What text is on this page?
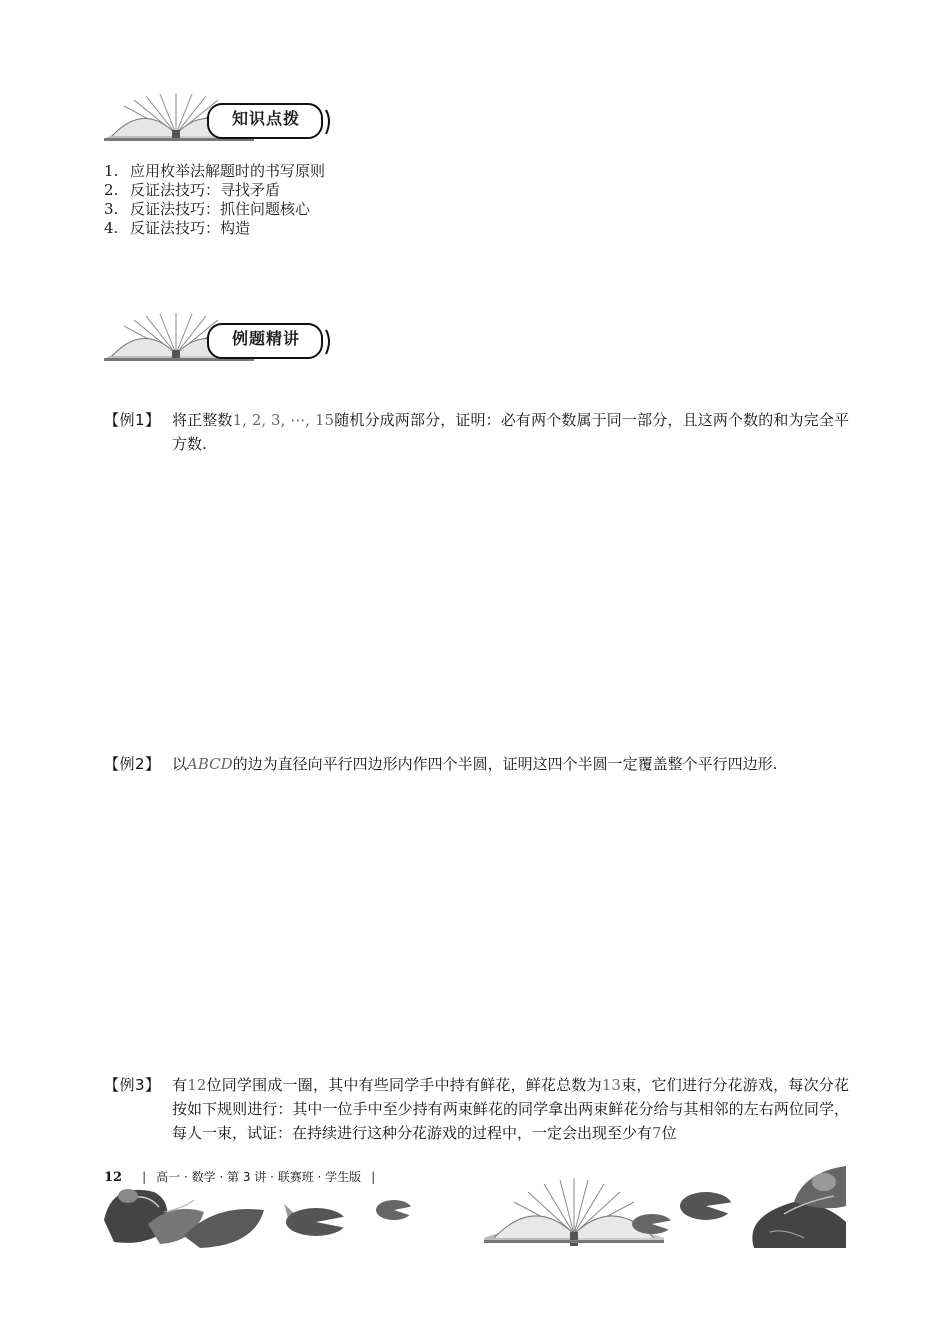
知识点拨
1. 应用枚举法解题时的书写原则
2. 反证法技巧：寻找矛盾
3. 反证法技巧：抓住问题核心
4. 反证法技巧：构造
例题精讲
【例1】 将正整数1, 2, 3, ⋯, 15随机分成两部分，证明：必有两个数属于同一部分，且这两个数的和为完全平方数.
【例2】 以ABCD的边为直径向平行四边形内作四个半圆，证明这四个半圆一定覆盖整个平行四边形.
【例3】 有12位同学围成一圈，其中有些同学手中持有鲜花，鲜花总数为13束，它们进行分花游戏，每次分花按如下规则进行：其中一位手中至少持有两束鲜花的同学拿出两束鲜花分给与其相邻的左右两位同学，每人一束，试证：在持续进行这种分花游戏的过程中，一定会出现至少有7位
12 | 高一 · 数学 · 第 3 讲 · 联赛班 · 学生版 |
